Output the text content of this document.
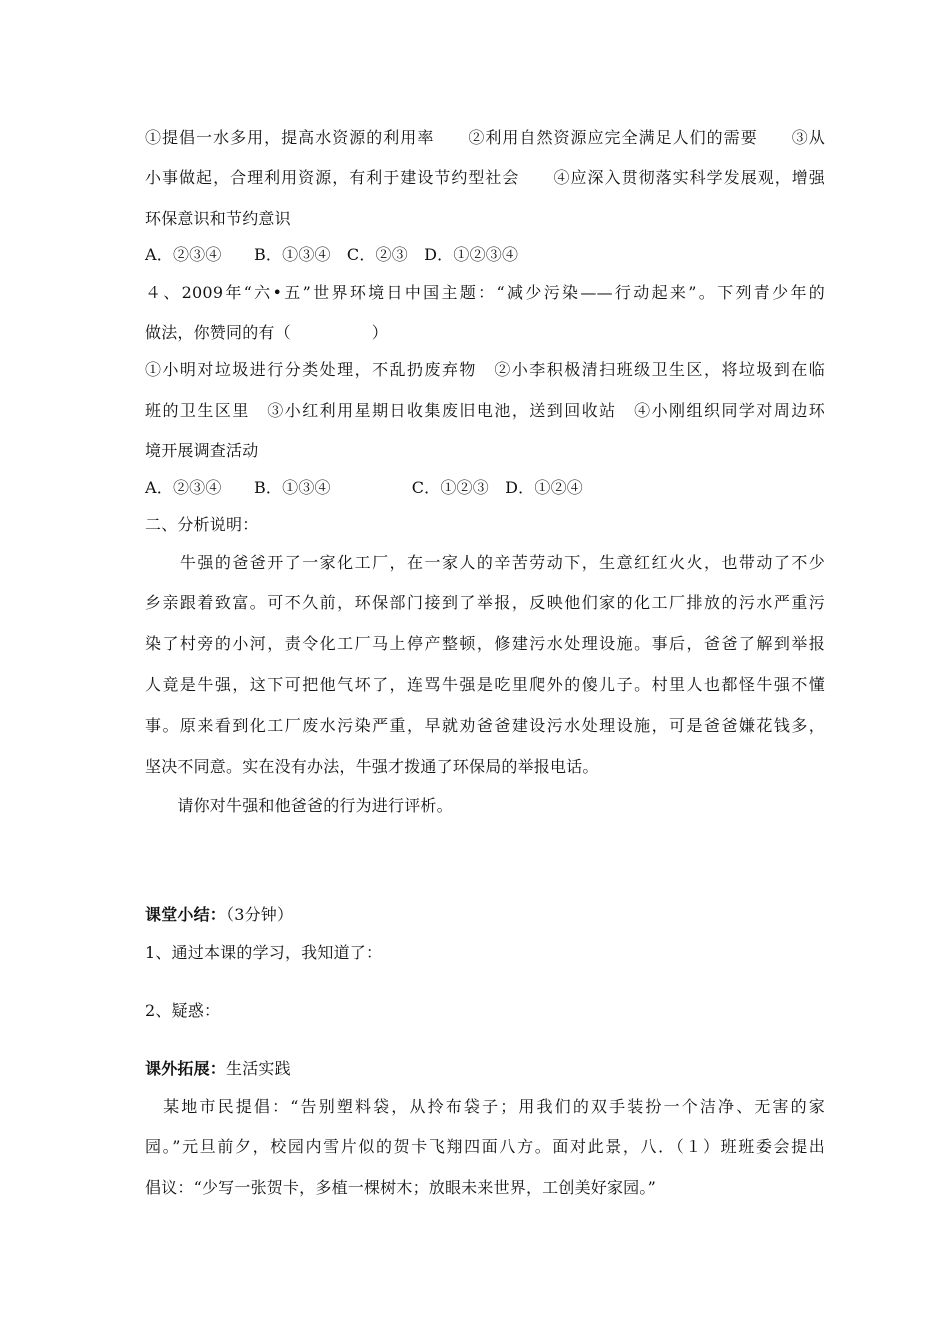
①提倡一水多用，提高水资源的利用率　　②利用自然资源应完全满足人们的需要　　③从
小事做起，合理利用资源，有利于建设节约型社会　　④应深入贯彻落实科学发展观，增强
环保意识和节约意识
A．②③④　　B．①③④　C．②③　D．①②③④
４、2009年“六•五”世界环境日中国主题：“减少污染——行动起来”。下列青少年的
做法，你赞同的有（　　　　　）
①小明对垃圾进行分类处理，不乱扔废弃物　②小李积极清扫班级卫生区，将垃圾到在临
班的卫生区里　③小红利用星期日收集废旧电池，送到回收站　④小刚组织同学对周边环
境开展调查活动
A．②③④　　B．①③④　　　　　C．①②③　D．①②④
二、分析说明：
　　牛强的爸爸开了一家化工厂，在一家人的辛苦劳动下，生意红红火火，也带动了不少
乡亲跟着致富。可不久前，环保部门接到了举报，反映他们家的化工厂排放的污水严重污
染了村旁的小河，责令化工厂马上停产整顿，修建污水处理设施。事后，爸爸了解到举报
人竟是牛强，这下可把他气坏了，连骂牛强是吃里爬外的傻儿子。村里人也都怪牛强不懂
事。原来看到化工厂废水污染严重，早就劝爸爸建设污水处理设施，可是爸爸嫌花钱多，
坚决不同意。实在没有办法，牛强才拨通了环保局的举报电话。
　　请你对牛强和他爸爸的行为进行评析。
课堂小结：（3分钟）
1、通过本课的学习，我知道了：
2、疑惑：
课外拓展：生活实践
　某地市民提倡：“告别塑料袋，从拎布袋子；用我们的双手装扮一个洁净、无害的家
园。”元旦前夕，校园内雪片似的贺卡飞翔四面八方。面对此景，八．（１）班班委会提出
倡议：“少写一张贺卡，多植一棵树木；放眼未来世界，工创美好家园。”
